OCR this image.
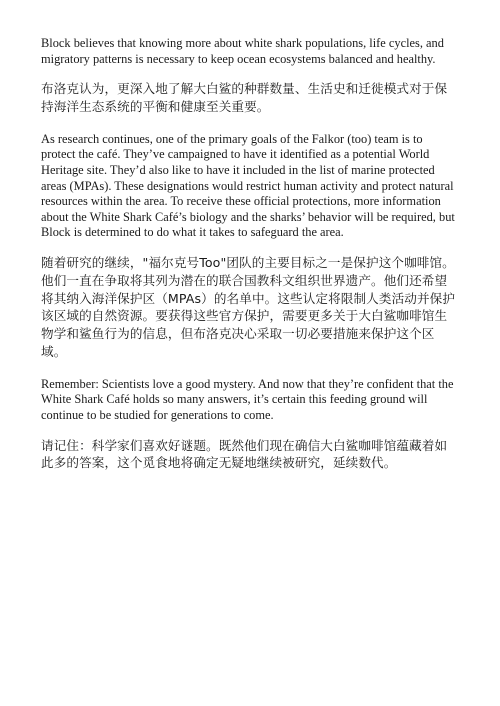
Block believes that knowing more about white shark populations, life cycles, and migratory patterns is necessary to keep ocean ecosystems balanced and healthy.

布洛克认为，更深入地了解大白鲨的种群数量、生活史和迁徙模式对于保持海洋生态系统的平衡和健康至关重要。

As research continues, one of the primary goals of the Falkor (too) team is to protect the café. They’ve campaigned to have it identified as a potential World Heritage site. They’d also like to have it included in the list of marine protected areas (MPAs). These designations would restrict human activity and protect natural resources within the area. To receive these official protections, more information about the White Shark Café’s biology and the sharks’ behavior will be required, but Block is determined to do what it takes to safeguard the area.

随着研究的继续，"福尔克号Too"团队的主要目标之一是保护这个咖啡馆。他们一直在争取将其列为潜在的联合国教科文组织世界遗产。他们还希望将其纳入海洋保护区（MPAs）的名单中。这些认定将限制人类活动并保护该区域的自然资源。要获得这些官方保护，需要更多关于大白鲨咖啡馆生物学和鲨鱼行为的信息，但布洛克决心采取一切必要措施来保护这个区域。

Remember: Scientists love a good mystery. And now that they’re confident that the White Shark Café holds so many answers, it’s certain this feeding ground will continue to be studied for generations to come.

请记住：科学家们喜欢好谜题。既然他们现在确信大白鲨咖啡馆蕴藏着如此多的答案，这个觅食地将确定无疑地继续被研究，延续数代。
